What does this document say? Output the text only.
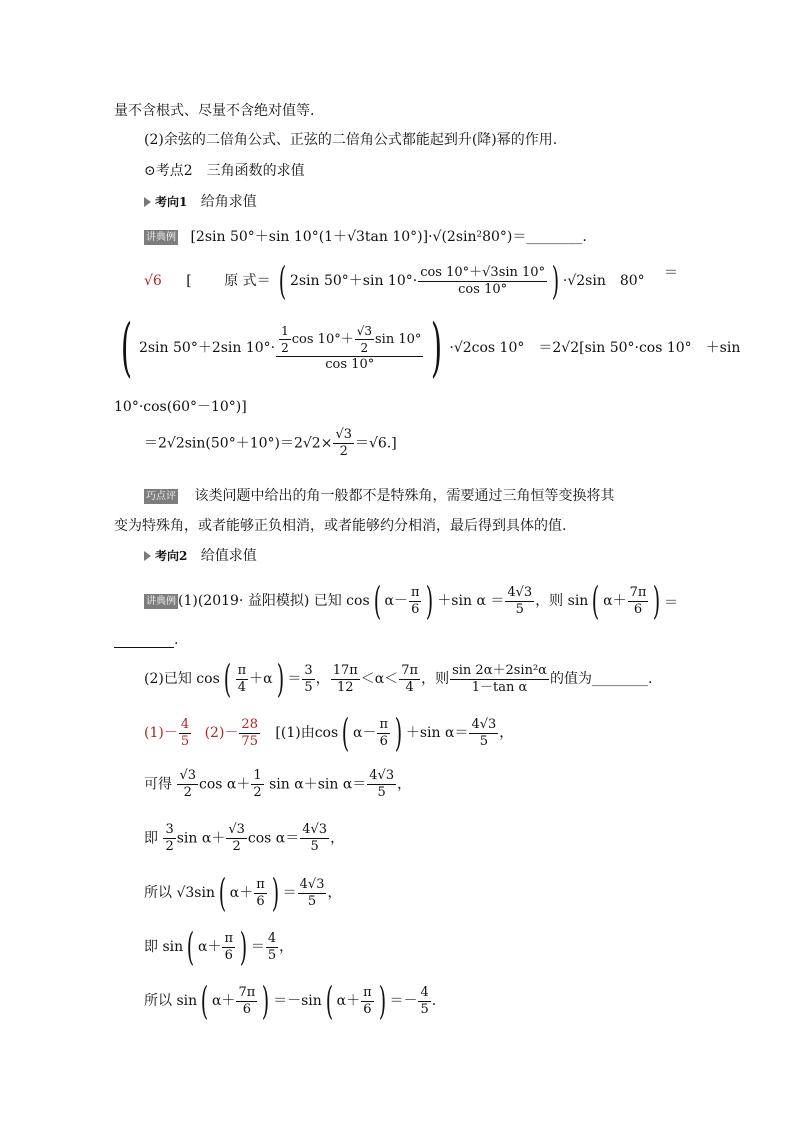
量不含根式、尽量不含绝对值等.
(2)余弦的二倍角公式、正弦的二倍角公式都能起到升(降)幂的作用.
⊙考点2　三角函数的求值
考向1 给角求值
讲典例 [2sin 50°＋sin 10°(1＋√3tan 10°)]·√(2sin²80°)＝________.
√6 [ 原 式＝ ( 2sin 50°＋sin $10^\circ\cdot \frac{\cos 10^\circ+√3\sin 10^\circ}{\cos 10^\circ}$ ) ·√2sin　80° ＝
( 2sin 50°＋2sin $10^\circ\cdot \frac{\frac{1}{2} \cos 10^\circ+ \frac{√3}{2} \sin 10^\circ}{\cos 10^\circ}$ ) ·√2cos 10°　＝2√2[sin 50°·cos 10°　＋sin
10°·cos(60°－10°)]
$=2√2\sin(50^\circ+10^\circ)=2√2\times \frac{√3}{2} =√6$.]
巧点评 该类问题中给出的角一般都不是特殊角，需要通过三角恒等变换将其
变为特殊角，或者能够正负相消，或者能够约分相消，最后得到具体的值.
考向2 给值求值
讲典例 (1)(2019· 益阳模拟) 已知 cos( $\alpha- \frac{\pi}{6}$ ) ＋sin $\alpha = \frac{4√3}{5}$ ，则 sin( $\alpha+ \frac{7\pi}{6}$ ) ＝
.
(2)已知 $\cos( \frac{\pi}{4} +\alpha) = \frac{3}{5}$ ， $\frac{17\pi}{12} <\alpha< \frac{7\pi}{4}$ ，则 $\frac{\text{sin 2α＋2sin²α}}{\text{1－tan α}}$ 的值为________.
$(1)- \frac{4}{5} (2)- \frac{28}{75} [(1)$由cos( $\alpha- \frac{\pi}{6}$ ) ＋sin $\alpha= \frac{4√3}{5}$ ，
可得 $\frac{√3}{2}$ $\cos \alpha+ \frac{1}{2}$ sin α＋sin $\alpha= \frac{4√3}{5}$ ，
即 $\frac{3}{2}$ $\sin \alpha+ \frac{√3}{2}$ $\cos \alpha= \frac{4√3}{5}$ ，
所以 √3sin( $\alpha+ \frac{\pi}{6}$ ) ＝ $\frac{4√3}{5}$ ，
即 sin( $\alpha+ \frac{\pi}{6}$ ) ＝ $\frac{4}{5}$ ，
所以 sin( $\alpha+ \frac{7\pi}{6}$ ) ＝－sin( $\alpha+ \frac{\pi}{6}$ ) ＝－ $\frac{4}{5}$ .
